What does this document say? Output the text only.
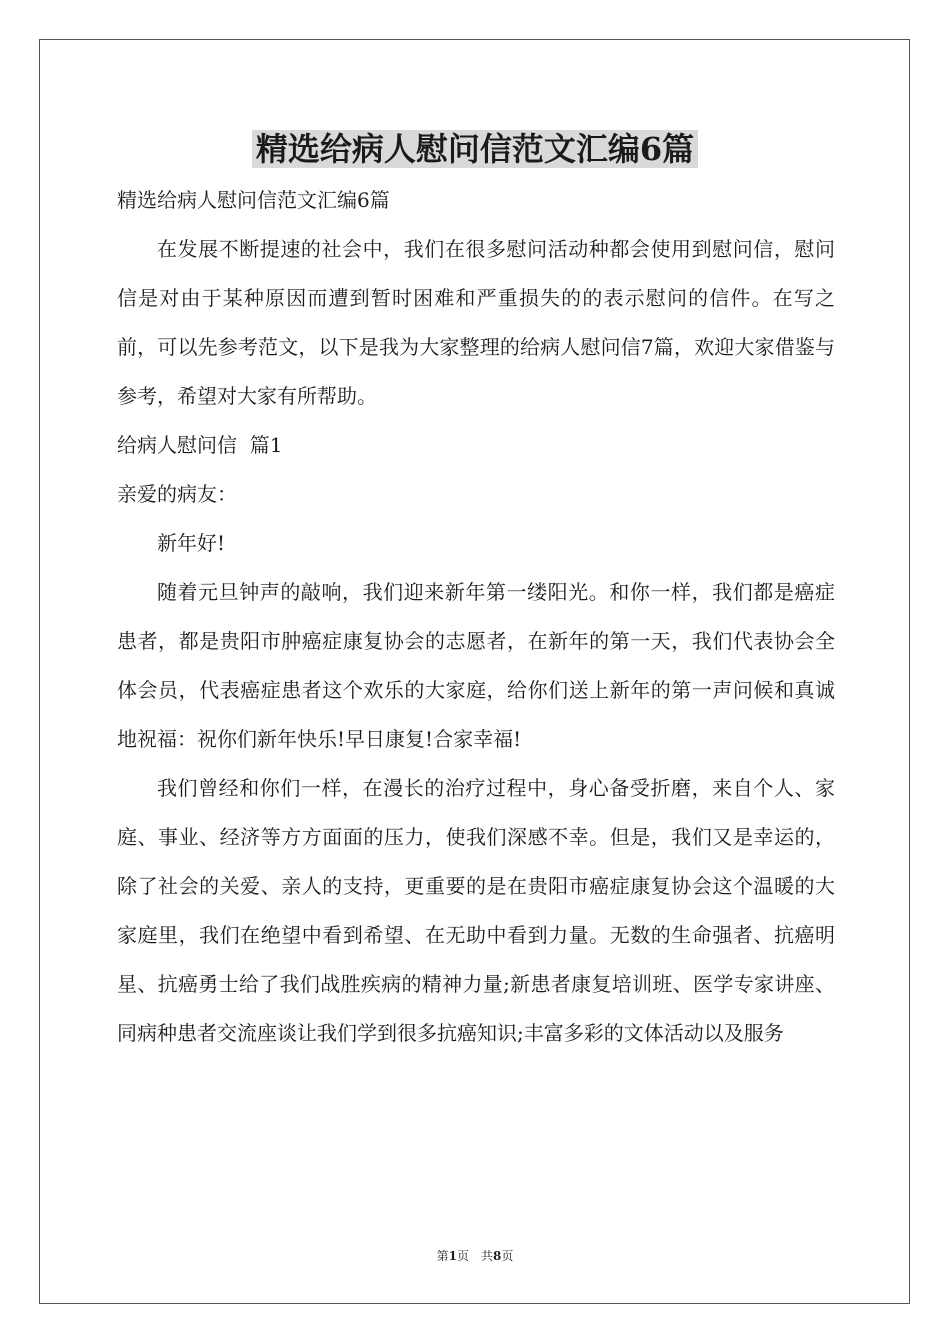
精选给病人慰问信范文汇编6篇

精选给病人慰问信范文汇编6篇

在发展不断提速的社会中，我们在很多慰问活动种都会使用到慰问信，慰问信是对由于某种原因而遭到暂时困难和严重损失的的表示慰问的信件。在写之前，可以先参考范文，以下是我为大家整理的给病人慰问信7篇，欢迎大家借鉴与参考，希望对大家有所帮助。

给病人慰问信  篇1

亲爱的病友：

新年好!

随着元旦钟声的敲响，我们迎来新年第一缕阳光。和你一样，我们都是癌症患者，都是贵阳市肿癌症康复协会的志愿者，在新年的第一天，我们代表协会全体会员，代表癌症患者这个欢乐的大家庭，给你们送上新年的第一声问候和真诚地祝福：祝你们新年快乐!早日康复!合家幸福!

我们曾经和你们一样，在漫长的治疗过程中，身心备受折磨，来自个人、家庭、事业、经济等方方面面的压力，使我们深感不幸。但是，我们又是幸运的，除了社会的关爱、亲人的支持，更重要的是在贵阳市癌症康复协会这个温暖的大家庭里，我们在绝望中看到希望、在无助中看到力量。无数的生命强者、抗癌明星、抗癌勇士给了我们战胜疾病的精神力量;新患者康复培训班、医学专家讲座、同病种患者交流座谈让我们学到很多抗癌知识;丰富多彩的文体活动以及服务

第1页 共8页
